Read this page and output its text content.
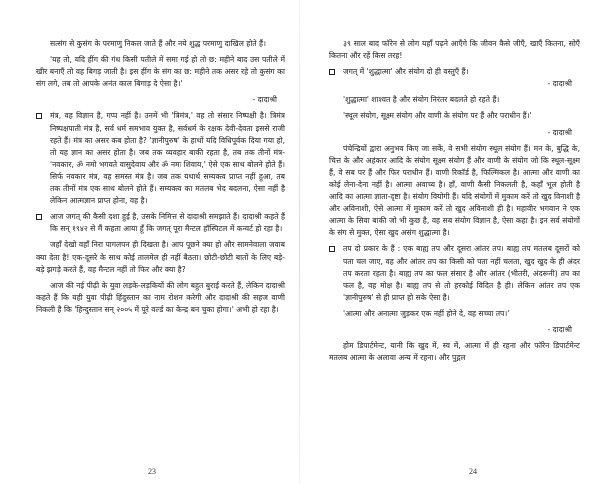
सत्संग से कुसंग के परमाणु निकल जाते हैं और नये शुद्ध परमाणु दाखिल होते हैं।

'यह तो, यदि हींग की गंध किसी पतीले में समा गई हो तो छ: महीने बाद उस पतीले में खीर बनाएँ तो वह बिगड़ जाती है। इस हींग के संग का छ: महीने तक असर रहे तो कुसंग का संग लगे, तब तो आपके अनंत काल बिगाड़ दे ऐसा है।'

- दादाश्री

मंत्र, वह विज्ञान है, गप्प नहीं है। उनमें भी 'त्रिमंत्र,' वह तो संसार निष्पक्षी है। त्रिमंत्र निष्पक्षपाती मंत्र है, सर्व धर्म समभाव युक्त है, सर्वधर्म के रक्षक देवी-देवता इससे राजी रहते हैं। मंत्र का असर कब होता है? 'ज्ञानीपुरुष' के हाथों यदि विधिपूर्वक दिया गया हो, तो यह ज्ञान का असर होता है। जब तक व्यवहार बाकी रहता है, तब तक तीनों मंत्र-'नवकार, ॐ नमो भगवते वासुदेवाय और ॐ नमः शिवाय,' ऐसे एक साथ बोलने होते हैं। सिर्फ नवकार मंत्र, वह समस्त मंत्र है। जब तक यथार्थ सम्यक्त्व प्राप्त नहीं हुआ, तब तक तीनों मंत्र एक साथ बोलने होते हैं। सम्यक्त्व का मतलब भेद बदलना, ऐसा नहीं है लेकिन आत्मज्ञान प्राप्त होना, वह है।

आज जगत् की कैसी दशा हुई है, उसके निमित्त से दादाश्री समझाते हैं। दादाश्री कहते हैं कि सन् १९४२ से मैं कहता आया हूँ कि जगत् पूरा मैन्टल हॉस्पिटल में कन्वर्ट हो रहा है।

जहाँ देखो वहाँ निरा पागलपन ही दिखता है। आप पूछने क्या हो और सामनेवाला जवाब क्या देता है! एक-दूसरे के साथ कोई तालमेल ही नहीं बैठता। छोटी-छोटी बातों के लिए बड़े-बड़े झगड़े करते हैं, वह मैन्टल नहीं तो फिर और क्या है?

आज की नई पीढ़ी के युवा लड़के-लड़कियों की लोग बहुत बुराई करते हैं, लेकिन दादाश्री कहते हैं कि यही युवा पीढ़ी हिंदुस्तान का नाम रोशन करेगी और दादाश्री की सहज वाणी निकली है कि 'हिन्दुस्तान सन् २००५ में पूरे वर्ल्ड का केन्द्र बन चुका होगा।' अभी हो रहा है।

23

३९ साल बाद फॉरेन से लोग यहाँ पढ़ने आएँगे कि जीवन कैसे जीएँ, खाएँ कितना, सोएँ कितना और रहें किस तरह!

जगत् में 'शुद्धात्मा' और संयोग दो ही वस्तुएँ हैं।

- दादाश्री

'शुद्धात्मा' शाश्वत है और संयोग निरंतर बदलते हो रहते हैं।

'स्थूल संयोग, सूक्ष्म संयोग और वाणी के संयोग पर हैं और पराधीन हैं।'

- दादाश्री

पंचेन्द्रियों द्वारा अनुभव किए जा सकें, वे सभी संयोग स्थूल संयोग हैं। मन के, बुद्धि के, चित्त के और अहंकार आदि के संयोग सूक्ष्म संयोग हैं और वाणी के संयोग जो कि स्थूल-सूक्ष्म हैं, वे सब पर हैं और फिर पराधीन हैं। वाणी रिकॉर्ड है, फिल्मिकल है। आत्मा और वाणी का कोई लेना-देना नहीं है। आत्मा अवाच्य है। हाँ, वाणी कैसी निकलती है, कहाँ भूल होती है आदि का आत्मा ज्ञाता-दृष्टा है। संयोग वियोगी हैं। यदि संयोगों में मुकाम करें तो खुद विनाशी है और अविनाशी, ऐसे आत्मा में मुकाम करें तो खुद अविनाशी ही है। महावीर भगवान ने एक आत्मा के सिवा बाकी जो भी कुछ है, वह सब संयोग विज्ञान है, ऐसा कहा है। इन सर्व संयोगों के संग से मुक्त, ऐसा खुद असंग शुद्धात्मा है।

तप दो प्रकार के हैं : एक बाह्य तप और दूसरा आंतर तप। बाह्य तप मतलब दूसरों को पता चल जाए, वह और आंतर तप का किसी को पता नहीं चलता, खुद खुद के ही अंदर तप करता रहता है। बाह्य तप का फल संसार है और आंतर (भीतरी, अंदरूनी) तप का फल है, वह मोक्ष है। बाह्य तप से तो हरकोई विदित है ही। लेकिन आंतर तप एक 'ज्ञानीपुरुष' से ही प्राप्त हो सके ऐसा है।

'आत्मा और अनात्मा जुड़कर एक नहीं होने दे, वह सच्चा तप।'

- दादाश्री

होम डिपार्टमेन्ट, यानी कि खुद में, स्व में, आत्मा में ही रहना और फॉरेन डिपार्टमेन्ट मतलब आत्मा के अलावा अन्य में रहना। और पुद्गल

24
